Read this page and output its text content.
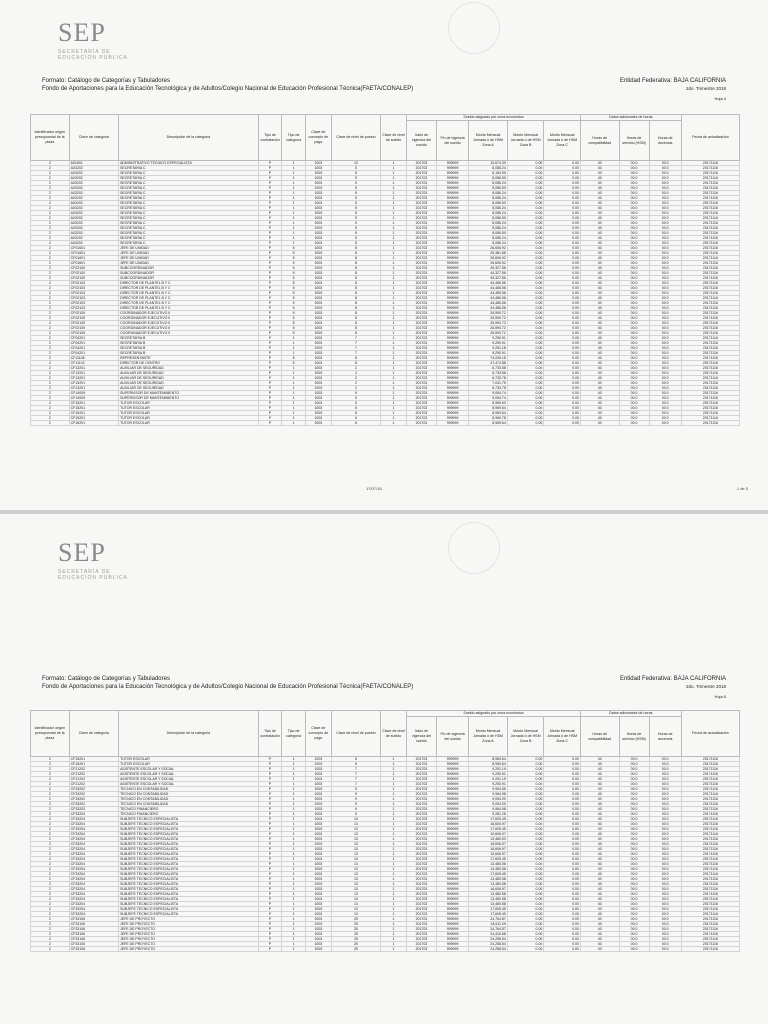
SEP
SECRETARÍA DE
EDUCACIÓN PÚBLICA
Formato: Catálogo de Categorías y Tabuladores	Entidad Federativa: BAJA CALIFORNIA
Fondo de Aportaciones para la Educación Tecnológica y de Adultos/Colegio Nacional de Educación Profesional Técnica(FAETA/CONALEP)	2do. Trimestre 2018
Hoja 4
Identificador origen presupuestal de la plaza	Clave de categoría	Descripción de la categoría	Tipo de contratación	Tipo de categoría	Clave de concepto de pago	Clave de nivel de puesto	Clave de nivel de sueldo	Sueldo asignado por zona económica					Datos adicionales de horas			Fecha de actualización
								Inicio de vigencia del sueldo	Fin de vigencia del sueldo	Monto Mensual Jornada ó de HSM Zona A	Monto Mensual Jornada ó de HSM Zona B	Monto Mensual Jornada ó de HSM Zona C	Horas de compatibilidad	Horas de servicio (HSM)	Horas de docencia	
2	A01801	ADMINISTRATIVO TECNICO ESPECIALISTA	P	1	1003	10	1	201703	999999	10,674.39	0.00	0.00	40	00.0	00.0	20171116
2	A03202	SECRETARIA C	P	1	1003	5	1	201703	999999	8,086.24	0.00	0.00	40	00.0	00.0	20171116
2	A03202	SECRETARIA C	P	1	1003	5	1	201703	999999	8,154.90	0.00	0.00	40	00.0	00.0	20171116
2	A03202	SECRETARIA C	P	1	1003	5	1	201703	999999	8,086.50	0.00	0.00	40	00.0	00.0	20171116
2	A03202	SECRETARIA C	P	1	1003	5	1	201703	999999	8,086.24	0.00	0.00	40	00.0	00.0	20171116
2	A03202	SECRETARIA C	P	1	1003	5	1	201703	999999	8,086.50	0.00	0.00	40	00.0	00.0	20171116
2	A03202	SECRETARIA C	P	1	1003	5	1	201703	999999	8,086.24	0.00	0.00	40	00.0	00.0	20171116
2	A03202	SECRETARIA C	P	1	1003	5	1	201703	999999	8,086.24	0.00	0.00	40	00.0	00.0	20171116
2	A03202	SECRETARIA C	P	1	1003	5	1	201703	999999	8,086.50	0.00	0.00	40	00.0	00.0	20171116
2	A03202	SECRETARIA C	P	1	1003	5	1	201703	999999	8,086.24	0.00	0.00	40	00.0	00.0	20171116
2	A03202	SECRETARIA C	P	1	1003	5	1	201703	999999	8,086.24	0.00	0.00	40	00.0	00.0	20171116
2	A03202	SECRETARIA C	P	1	1003	5	1	201703	999999	8,086.50	0.00	0.00	40	00.0	00.0	20171116
2	A03202	SECRETARIA C	P	1	1003	5	1	201703	999999	8,086.24	0.00	0.00	40	00.0	00.0	20171116
2	A03202	SECRETARIA C	P	1	1003	5	1	201703	999999	8,086.24	0.00	0.00	40	00.0	00.0	20171116
2	A03202	SECRETARIA C	P	1	1003	5	1	201703	999999	8,086.50	0.00	0.00	40	00.0	00.0	20171116
2	A03202	SECRETARIA C	P	1	1003	5	1	201703	999999	8,086.24	0.00	0.00	40	00.0	00.0	20171116
2	A03202	SECRETARIA C	P	1	1003	5	1	201703	999999	8,086.24	0.00	0.00	40	00.0	00.0	20171116
2	CF01601	JEFE DE UNIDAD	P	5	1003	8	1	201703	999999	26,606.92	0.00	0.00	40	00.0	00.0	20171116
2	CF01601	JEFE DE UNIDAD	P	5	1003	8	1	201703	999999	25,381.68	0.00	0.00	40	00.0	00.0	20171116
2	CF01601	JEFE DE UNIDAD	P	5	1003	8	1	201703	999999	26,606.92	0.00	0.00	40	00.0	00.0	20171116
2	CF01601	JEFE DE UNIDAD	P	5	1003	8	1	201703	999999	26,606.92	0.00	0.00	40	00.0	00.0	20171116
2	CF02100	SUBCOORDINADOR	P	5	1003	8	1	201703	999999	49,327.56	0.00	0.00	40	00.0	00.0	20171116
2	CF02100	SUBCOORDINADOR	P	5	1003	8	1	201703	999999	44,327.56	0.00	0.00	40	00.0	00.0	20171116
2	CF02100	SUBCOORDINADOR	P	5	1003	8	1	201703	999999	49,327.56	0.00	0.00	40	00.0	00.0	20171116
2	CF02103	DIRECTOR DE PLANTEL B Y C	P	5	1003	8	1	201703	999999	44,486.56	0.00	0.00	40	00.0	00.0	20171116
2	CF02103	DIRECTOR DE PLANTEL B Y C	P	5	1003	8	1	201703	999999	44,486.56	0.00	0.00	40	00.0	00.0	20171116
2	CF02103	DIRECTOR DE PLANTEL B Y C	P	5	1003	8	1	201703	999999	44,486.56	0.00	0.00	40	00.0	00.0	20171116
2	CF02103	DIRECTOR DE PLANTEL B Y C	P	5	1003	8	1	201703	999999	44,486.56	0.00	0.00	40	00.0	00.0	20171116
2	CF02103	DIRECTOR DE PLANTEL B Y C	P	5	1003	8	1	201703	999999	44,486.56	0.00	0.00	40	00.0	00.0	20171116
2	CF02103	DIRECTOR DE PLANTEL B Y C	P	5	1003	8	1	201703	999999	44,486.56	0.00	0.00	40	00.0	00.0	20171116
2	CF02105	COORDINADOR EJECUTIVO II	P	5	1003	8	1	201703	999999	26,590.72	0.00	0.00	40	00.0	00.0	20171116
2	CF02105	COORDINADOR EJECUTIVO II	P	5	1003	8	1	201703	999999	26,590.72	0.00	0.00	40	00.0	00.0	20171116
2	CF02105	COORDINADOR EJECUTIVO II	P	5	1003	8	1	201703	999999	26,590.72	0.00	0.00	40	00.0	00.0	20171116
2	CF02105	COORDINADOR EJECUTIVO II	P	5	1003	8	1	201703	999999	26,590.72	0.00	0.00	40	00.0	00.0	20171116
2	CF02105	COORDINADOR EJECUTIVO II	P	5	1003	8	1	201703	999999	26,590.72	0.00	0.00	40	00.0	00.0	20171116
2	CF04201	SECRETARIA B	P	1	1003	7	1	201703	999999	9,250.91	0.00	0.00	40	00.0	00.0	20171116
2	CF04201	SECRETARIA B	P	1	1003	7	1	201703	999999	9,250.91	0.00	0.00	40	00.0	00.0	20171116
2	CF04201	SECRETARIA B	P	1	1003	7	1	201703	999999	9,251.18	0.00	0.00	40	00.0	00.0	20171116
2	CF04201	SECRETARIA B	P	1	1003	7	1	201703	999999	9,250.91	0.00	0.00	40	00.0	00.0	20171116
2	CF11108	REPRESENTANTE	P	5	1003	8	1	201703	999999	74,039.18	0.00	0.00	40	00.0	00.0	20171116
2	CF11102	DIRECTOR DE CENTRO	P	5	1003	8	1	201703	999999	37,474.88	0.00	0.00	40	00.0	00.0	20171116
2	CF13201	AUXILIAR DE SEGURIDAD	P	1	1003	2	1	201703	999999	6,733.58	0.00	0.00	40	00.0	00.0	20171116
2	CF13201	AUXILIAR DE SEGURIDAD	P	1	1003	2	1	201703	999999	6,733.58	0.00	0.00	40	00.0	00.0	20171116
2	CF13201	AUXILIAR DE SEGURIDAD	P	1	1003	2	1	201703	999999	6,733.78	0.00	0.00	40	00.0	00.0	20171116
2	CF13201	AUXILIAR DE SEGURIDAD	P	1	1003	2	1	201703	999999	7,041.75	0.00	0.00	40	00.0	00.0	20171116
2	CF13201	AUXILIAR DE SEGURIDAD	P	1	1003	2	1	201703	999999	6,733.78	0.00	0.00	40	00.0	00.0	20171116
2	CF14009	SUPERVISOR DE MANTENIMIENTO	P	1	1003	9	1	201703	999999	9,054.74	0.00	0.00	40	00.0	00.0	20171116
2	CF14009	SUPERVISOR DE MANTENIMIENTO	P	1	1003	9	1	201703	999999	9,054.74	0.00	0.00	40	00.0	00.0	20171116
2	CF15201	TUTOR ESCOLAR	P	1	1003	6	1	201703	999999	8,969.60	0.00	0.00	40	00.0	00.0	20171116
2	CF15201	TUTOR ESCOLAR	P	1	1003	6	1	201703	999999	8,969.64	0.00	0.00	40	00.0	00.0	20171116
2	CF15201	TUTOR ESCOLAR	P	1	1003	6	1	201703	999999	8,969.64	0.00	0.00	40	00.0	00.0	20171116
2	CF15201	TUTOR ESCOLAR	P	1	1003	6	1	201703	999999	8,969.78	0.00	0.00	40	00.0	00.0	20171116
2	CF15201	TUTOR ESCOLAR	P	1	1003	6	1	201703	999999	8,969.64	0.00	0.00	40	00.0	00.0	20171116
17/07/18	1 de 5
SEP
SECRETARÍA DE
EDUCACIÓN PÚBLICA
Formato: Catálogo de Categorías y Tabuladores	Entidad Federativa: BAJA CALIFORNIA
Fondo de Aportaciones para la Educación Tecnológica y de Adultos/Colegio Nacional de Educación Profesional Técnica(FAETA/CONALEP)	2do. Trimestre 2018
Hoja 5
Identificador origen presupuestal de la plaza	Clave de categoría	Descripción de la categoría	Tipo de contratación	Tipo de categoría	Clave de concepto de pago	Clave de nivel de puesto	Clave de nivel de sueldo	Sueldo asignado por zona económica					Datos adicionales de horas			Fecha de actualización
								Inicio de vigencia del sueldo	Fin de vigencia del sueldo	Monto Mensual Jornada ó de HSM Zona A	Monto Mensual Jornada ó de HSM Zona B	Monto Mensual Jornada ó de HSM Zona C	Horas de compatibilidad	Horas de servicio (HSM)	Horas de docencia	
2	CF15201	TUTOR ESCOLAR	P	1	1003	6	1	201703	999999	8,969.64	0.00	0.00	40	00.0	00.0	20171116
2	CF15201	TUTOR ESCOLAR	P	1	1003	6	1	201703	999999	8,969.64	0.00	0.00	40	00.0	00.0	20171116
2	CF21202	ASISTENTE ESCOLAR Y SOCIAL	P	1	1003	7	1	201703	999999	9,251.19	0.00	0.00	40	00.0	00.0	20171116
2	CF21202	ASISTENTE ESCOLAR Y SOCIAL	P	1	1003	7	1	201703	999999	9,250.91	0.00	0.00	40	00.0	00.0	20171116
2	CF21202	ASISTENTE ESCOLAR Y SOCIAL	P	1	1003	7	1	201703	999999	9,251.19	0.00	0.00	40	00.0	00.0	20171116
2	CF21202	ASISTENTE ESCOLAR Y SOCIAL	P	1	1003	7	1	201703	999999	9,250.91	0.00	0.00	40	00.0	00.0	20171116
2	CF33202	TECNICO EN CONTABILIDAD	P	1	1003	9	1	201703	999999	9,964.56	0.00	0.00	40	00.0	00.0	20171116
2	CF33202	TECNICO EN CONTABILIDAD	P	1	1003	9	1	201703	999999	9,964.98	0.00	0.00	40	00.0	00.0	20171116
2	CF33202	TECNICO EN CONTABILIDAD	P	1	1003	9	1	201703	999999	9,054.00	0.00	0.00	40	00.0	00.0	20171116
2	CF33202	TECNICO EN CONTABILIDAD	P	1	1003	9	1	201703	999999	9,054.00	0.00	0.00	40	00.0	00.0	20171116
2	CF33203	TECNICO FINANCIERO	P	1	1003	9	1	201703	999999	9,964.98	0.00	0.00	40	00.0	00.0	20171116
2	CF33203	TECNICO FINANCIERO	P	1	1003	9	1	201703	999999	9,281.28	0.00	0.00	40	00.0	00.0	20171116
2	CF33204	SUBJEFE TECNICO ESPECIALISTA	P	1	1003	13	1	201703	999999	17,605.45	0.00	0.00	40	00.0	00.0	20171116
2	CF33204	SUBJEFE TECNICO ESPECIALISTA	P	1	1003	13	1	201703	999999	16,606.97	0.00	0.00	40	00.0	00.0	20171116
2	CF33204	SUBJEFE TECNICO ESPECIALISTA	P	1	1003	13	1	201703	999999	17,605.45	0.00	0.00	40	00.0	00.0	20171116
2	CF33204	SUBJEFE TECNICO ESPECIALISTA	P	1	1003	13	1	201703	999999	10,606.97	0.00	0.00	40	00.0	00.0	20171116
2	CF33204	SUBJEFE TECNICO ESPECIALISTA	P	1	1003	13	1	201703	999999	13,480.53	0.00	0.00	40	00.0	00.0	20171116
2	CF33204	SUBJEFE TECNICO ESPECIALISTA	P	1	1003	13	1	201703	999999	16,606.97	0.00	0.00	40	00.0	00.0	20171116
2	CF33204	SUBJEFE TECNICO ESPECIALISTA	P	1	1003	13	1	201703	999999	16,606.97	0.00	0.00	40	00.0	00.0	20171116
2	CF33204	SUBJEFE TECNICO ESPECIALISTA	P	1	1003	13	1	201703	999999	10,606.97	0.00	0.00	40	00.0	00.0	20171116
2	CF33204	SUBJEFE TECNICO ESPECIALISTA	P	1	1003	13	1	201703	999999	17,605.45	0.00	0.00	40	00.0	00.0	20171116
2	CF33204	SUBJEFE TECNICO ESPECIALISTA	P	1	1003	13	1	201703	999999	13,480.58	0.00	0.00	40	00.0	00.0	20171116
2	CF33204	SUBJEFE TECNICO ESPECIALISTA	P	1	1003	13	1	201703	999999	13,480.58	0.00	0.00	40	00.0	00.0	20171116
2	CF33204	SUBJEFE TECNICO ESPECIALISTA	P	1	1003	13	1	201703	999999	17,605.45	0.00	0.00	40	00.0	00.0	20171116
2	CF33204	SUBJEFE TECNICO ESPECIALISTA	P	1	1003	13	1	201703	999999	13,480.58	0.00	0.00	40	00.0	00.0	20171116
2	CF33204	SUBJEFE TECNICO ESPECIALISTA	P	1	1003	13	1	201703	999999	13,480.58	0.00	0.00	40	00.0	00.0	20171116
2	CF33204	SUBJEFE TECNICO ESPECIALISTA	P	1	1003	13	1	201703	999999	16,606.97	0.00	0.00	40	00.0	00.0	20171116
2	CF33204	SUBJEFE TECNICO ESPECIALISTA	P	1	1003	13	1	201703	999999	13,480.58	0.00	0.00	40	00.0	00.0	20171116
2	CF33204	SUBJEFE TECNICO ESPECIALISTA	P	1	1003	13	1	201703	999999	13,480.58	0.00	0.00	40	00.0	00.0	20171116
2	CF33204	SUBJEFE TECNICO ESPECIALISTA	P	1	1003	13	1	201703	999999	13,480.58	0.00	0.00	40	00.0	00.0	20171116
2	CF33204	SUBJEFE TECNICO ESPECIALISTA	P	1	1003	13	1	201703	999999	17,605.45	0.00	0.00	40	00.0	00.0	20171116
2	CF33204	SUBJEFE TECNICO ESPECIALISTA	P	1	1003	13	1	201703	999999	17,605.45	0.00	0.00	40	00.0	00.0	20171116
2	CF33106	JEFE DE PROYECTO	P	1	1003	25	1	201703	999999	24,764.87	0.00	0.00	40	00.0	00.0	20171116
2	CF33106	JEFE DE PROYECTO	P	1	1003	25	1	201703	999999	24,611.09	0.00	0.00	40	00.0	00.0	20171116
2	CF33106	JEFE DE PROYECTO	P	1	1003	25	1	201703	999999	24,764.87	0.00	0.00	40	00.0	00.0	20171116
2	CF33106	JEFE DE PROYECTO	P	1	1003	25	1	201703	999999	24,416.68	0.00	0.00	40	00.0	00.0	20171116
2	CF33106	JEFE DE PROYECTO	P	1	1003	25	1	201703	999999	24,258.54	0.00	0.00	40	00.0	00.0	20171116
2	CF33106	JEFE DE PROYECTO	P	1	1003	25	1	201703	999999	24,258.54	0.00	0.00	40	00.0	00.0	20171116
2	CF33106	JEFE DE PROYECTO	P	1	1003	25	1	201703	999999	24,258.54	0.00	0.00	40	00.0	00.0	20171116
